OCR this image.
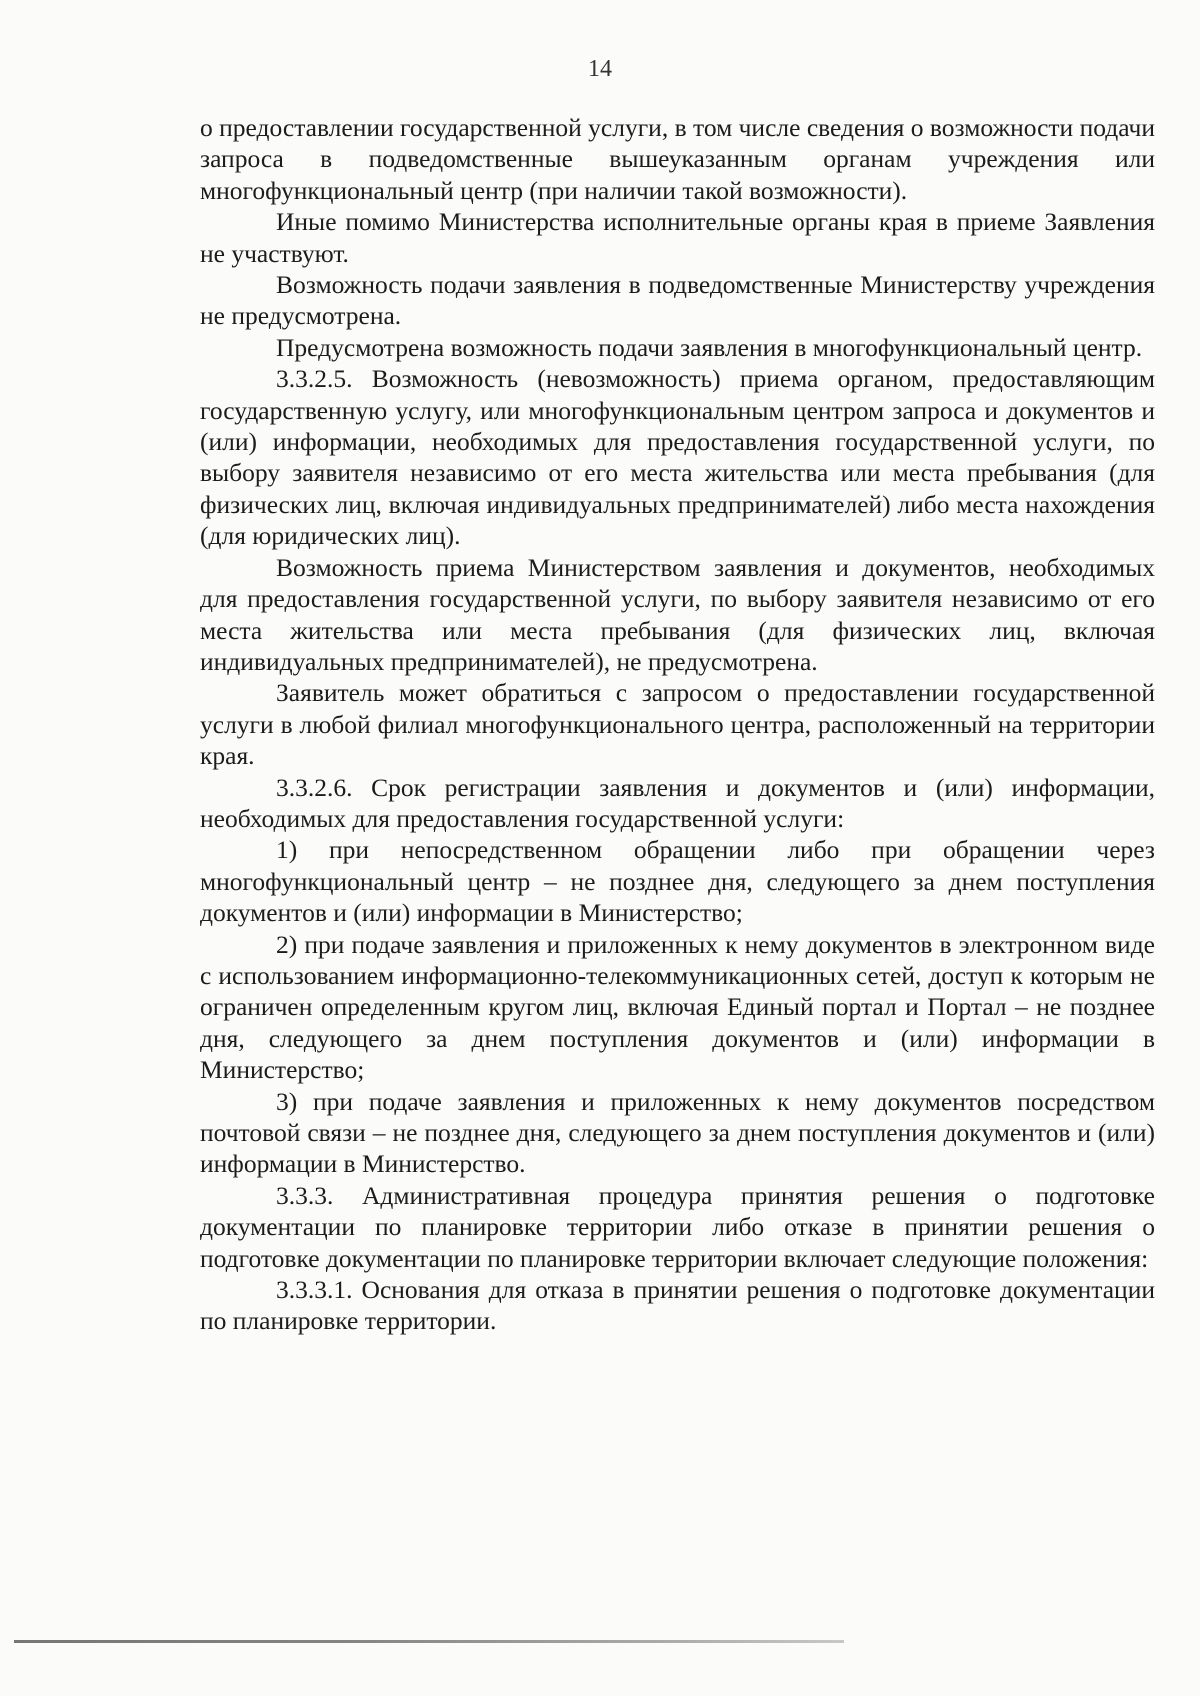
14

о предоставлении государственной услуги, в том числе сведения о возможности подачи запроса в подведомственные вышеуказанным органам учреждения или многофункциональный центр (при наличии такой возможности).

Иные помимо Министерства исполнительные органы края в приеме Заявления не участвуют.

Возможность подачи заявления в подведомственные Министерству учреждения не предусмотрена.

Предусмотрена возможность подачи заявления в многофункциональный центр.

3.3.2.5. Возможность (невозможность) приема органом, предоставляющим государственную услугу, или многофункциональным центром запроса и документов и (или) информации, необходимых для предоставления государственной услуги, по выбору заявителя независимо от его места жительства или места пребывания (для физических лиц, включая индивидуальных предпринимателей) либо места нахождения (для юридических лиц).

Возможность приема Министерством заявления и документов, необходимых для предоставления государственной услуги, по выбору заявителя независимо от его места жительства или места пребывания (для физических лиц, включая индивидуальных предпринимателей), не предусмотрена.

Заявитель может обратиться с запросом о предоставлении государственной услуги в любой филиал многофункционального центра, расположенный на территории края.

3.3.2.6. Срок регистрации заявления и документов и (или) информации, необходимых для предоставления государственной услуги:

1) при непосредственном обращении либо при обращении через многофункциональный центр – не позднее дня, следующего за днем поступления документов и (или) информации в Министерство;

2) при подаче заявления и приложенных к нему документов в электронном виде с использованием информационно-телекоммуникационных сетей, доступ к которым не ограничен определенным кругом лиц, включая Единый портал и Портал – не позднее дня, следующего за днем поступления документов и (или) информации в Министерство;

3) при подаче заявления и приложенных к нему документов посредством почтовой связи – не позднее дня, следующего за днем поступления документов и (или) информации в Министерство.

3.3.3. Административная процедура принятия решения о подготовке документации по планировке территории либо отказе в принятии решения о подготовке документации по планировке территории включает следующие положения:

3.3.3.1. Основания для отказа в принятии решения о подготовке документации по планировке территории.
